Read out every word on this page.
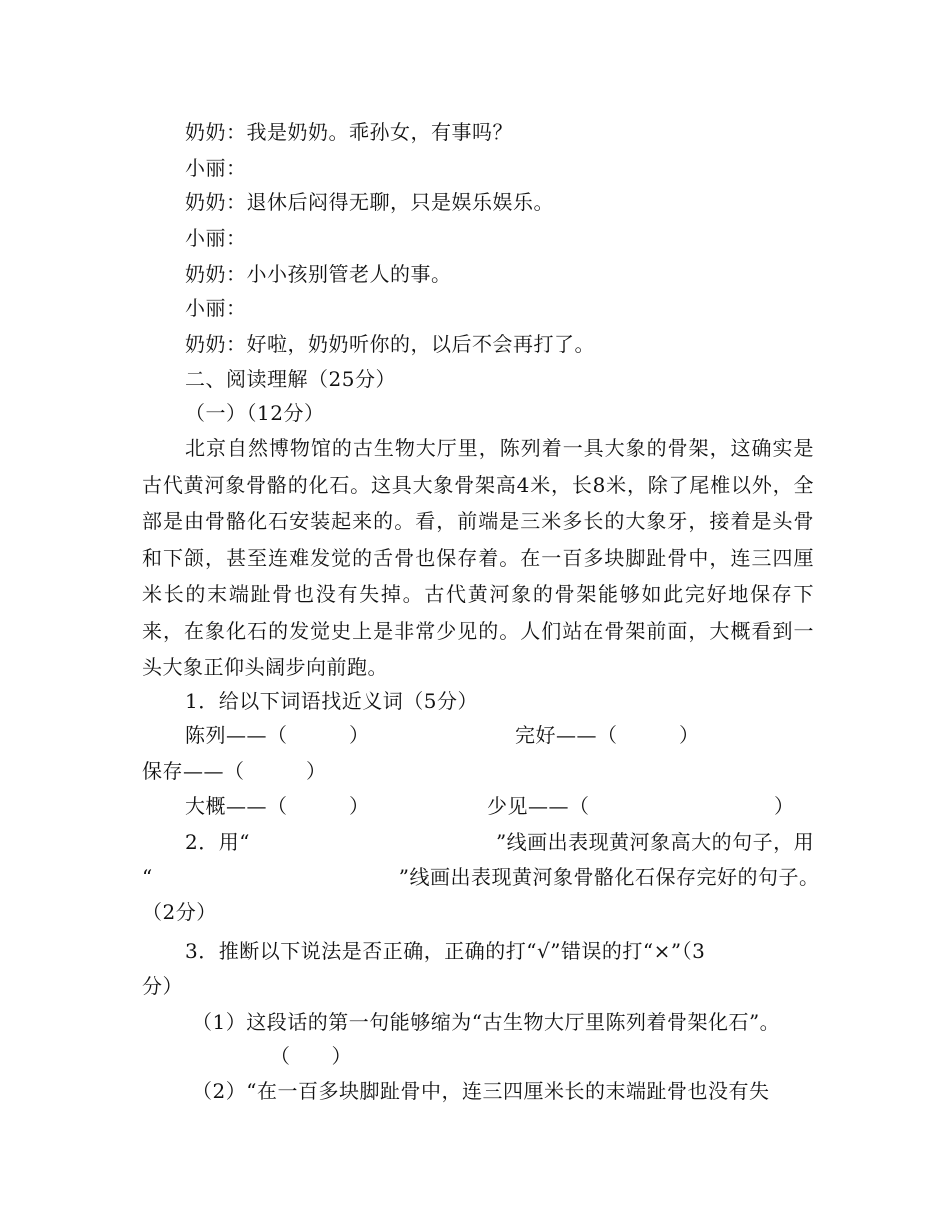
奶奶：我是奶奶。乖孙女，有事吗？
小丽：
奶奶：退休后闷得无聊，只是娱乐娱乐。
小丽：
奶奶：小小孩别管老人的事。
小丽：
奶奶：好啦，奶奶听你的，以后不会再打了。
二、阅读理解（25分）
（一）（12分）
北京自然博物馆的古生物大厅里，陈列着一具大象的骨架，这确实是古代黄河象骨骼的化石。这具大象骨架高4米，长8米，除了尾椎以外，全部是由骨骼化石安装起来的。看，前端是三米多长的大象牙，接着是头骨和下颌，甚至连难发觉的舌骨也保存着。在一百多块脚趾骨中，连三四厘米长的末端趾骨也没有失掉。古代黄河象的骨架能够如此完好地保存下来，在象化石的发觉史上是非常少见的。人们站在骨架前面，大概看到一头大象正仰头阔步向前跑。
1．给以下词语找近义词（5分）
陈列——（　　　）	完好——（　　　）
保存——（　　　）
大概——（　　　）	少见——（　　　　　　　　　）
2．用“　　　　　　　　　　　　”线画出表现黄河象高大的句子，用
“　　　　　　　　　　　　”线画出表现黄河象骨骼化石保存完好的句子。
（2分）
3．推断以下说法是否正确，正确的打“√”错误的打“×”（3
分）
（1）这段话的第一句能够缩为“古生物大厅里陈列着骨架化石”。
（　　）
（2）“在一百多块脚趾骨中，连三四厘米长的末端趾骨也没有失
